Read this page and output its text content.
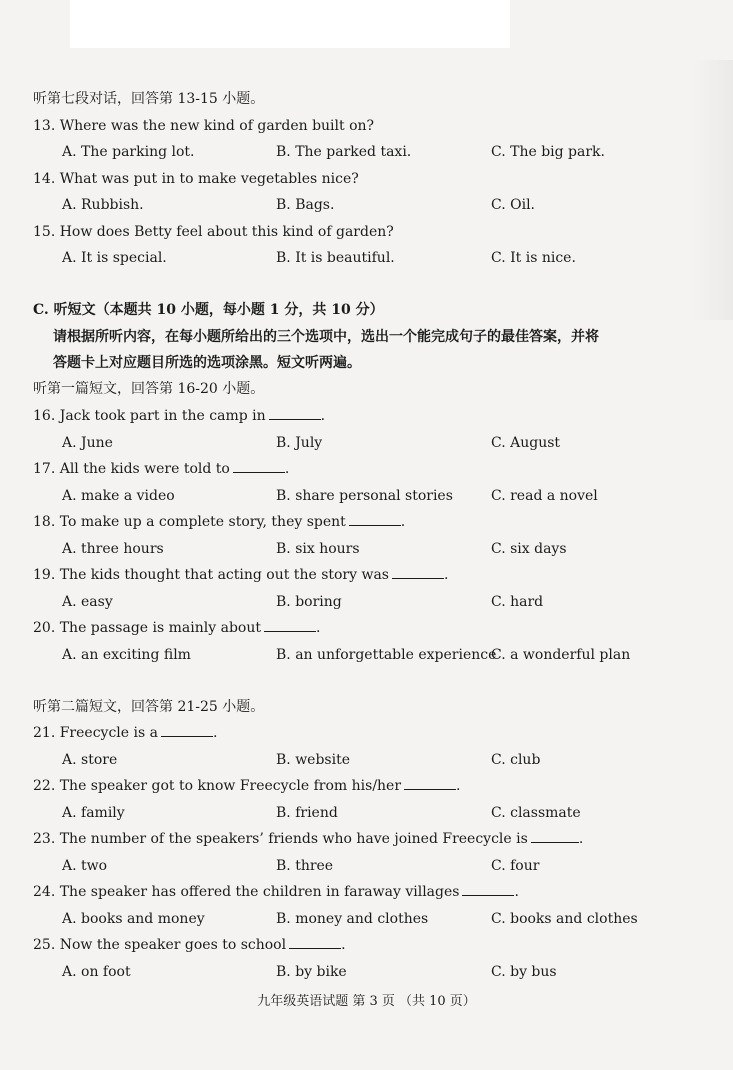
听第七段对话，回答第 13-15 小题。
13. Where was the new kind of garden built on?
A. The parking lot.	B. The parked taxi.	C. The big park.
14. What was put in to make vegetables nice?
A. Rubbish.	B. Bags.	C. Oil.
15. How does Betty feel about this kind of garden?
A. It is special.	B. It is beautiful.	C. It is nice.
C. 听短文（本题共 10 小题，每小题 1 分，共 10 分）
请根据所听内容，在每小题所给出的三个选项中，选出一个能完成句子的最佳答案，并将
答题卡上对应题目所选的选项涂黑。短文听两遍。
听第一篇短文，回答第 16-20 小题。
16. Jack took part in the camp in	.
A. June	B. July	C. August
17. All the kids were told to	.
A. make a video	B. share personal stories	C. read a novel
18. To make up a complete story, they spent	.
A. three hours	B. six hours	C. six days
19. The kids thought that acting out the story was	.
A. easy	B. boring	C. hard
20. The passage is mainly about	.
A. an exciting film	B. an unforgettable experience
C. a wonderful plan
听第二篇短文，回答第 21-25 小题。
21. Freecycle is a	.
A. store	B. website	C. club
22. The speaker got to know Freecycle from his/her	.
A. family	B. friend	C. classmate
23. The number of the speakers’ friends who have joined Freecycle is	.
A. two	B. three	C. four
24. The speaker has offered the children in faraway villages	.
A. books and money	B. money and clothes	C. books and clothes
25. Now the speaker goes to school	.
A. on foot	B. by bike	C. by bus
九年级英语试题 第 3 页 （共 10 页）
